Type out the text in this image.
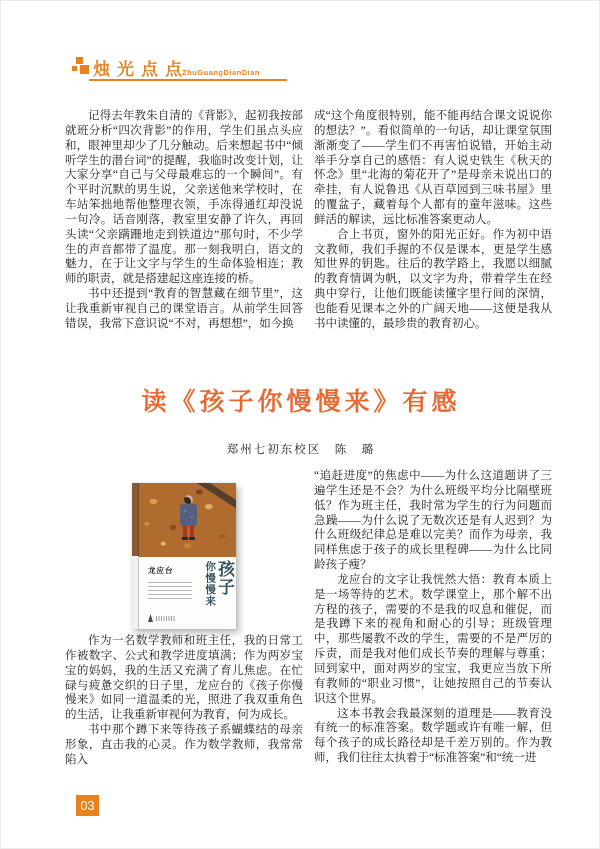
烛光点点
ZhuGuangDianDian

记得去年教朱自清的《背影》，起初我按部就班分析“四次背影”的作用，学生们虽点头应和，眼神里却少了几分触动。后来想起书中“倾听学生的潜台词”的提醒，我临时改变计划，让大家分享“自己与父母最难忘的一个瞬间”。有个平时沉默的男生说，父亲送他来学校时，在车站笨拙地帮他整理衣领，手冻得通红却没说一句冷。话音刚落，教室里安静了许久，再回头读“父亲蹒跚地走到铁道边”那句时，不少学生的声音都带了温度。那一刻我明白，语文的魅力，在于让文字与学生的生命体验相连；教师的职责，就是搭建起这座连接的桥。

书中还提到“教育的智慧藏在细节里”，这让我重新审视自己的课堂语言。从前学生回答错误，我常下意识说“不对，再想想”，如今换

成“这个角度很特别，能不能再结合课文说说你的想法？”。看似简单的一句话，却让课堂氛围渐渐变了——学生们不再害怕说错，开始主动举手分享自己的感悟：有人说史铁生《秋天的怀念》里“北海的菊花开了”是母亲未说出口的牵挂，有人说鲁迅《从百草园到三味书屋》里的覆盆子，藏着每个人都有的童年滋味。这些鲜活的解读，远比标准答案更动人。

合上书页，窗外的阳光正好。作为初中语文教师，我们手握的不仅是课本，更是学生感知世界的钥匙。往后的教学路上，我愿以细腻的教育情调为帆，以文字为舟，带着学生在经典中穿行，让他们既能读懂字里行间的深情，也能看见课本之外的广阔天地——这便是我从书中读懂的，最珍贵的教育初心。

读《孩子你慢慢来》有感
郑州七初东校区　陈　璐
龙应台 孩子
你慢慢来

作为一名数学教师和班主任，我的日常工作被数字、公式和教学进度填满；作为两岁宝宝的妈妈，我的生活又充满了育儿焦虑。在忙碌与疲惫交织的日子里，龙应台的《孩子你慢慢来》如同一道温柔的光，照进了我双重角色的生活，让我重新审视何为教育，何为成长。

书中那个蹲下来等待孩子系蝴蝶结的母亲形象，直击我的心灵。作为数学教师，我常常陷入

“追赶进度”的焦虑中——为什么这道题讲了三遍学生还是不会？为什么班级平均分比隔壁班低？作为班主任，我时常为学生的行为问题而急躁——为什么说了无数次还是有人迟到？为什么班级纪律总是难以完美？而作为母亲，我同样焦虑于孩子的成长里程碑——为什么比同龄孩子瘦？

龙应台的文字让我恍然大悟：教育本质上是一场等待的艺术。数学课堂上，那个解不出方程的孩子，需要的不是我的叹息和催促，而是我蹲下来的视角和耐心的引导；班级管理中，那些屡教不改的学生，需要的不是严厉的斥责，而是我对他们成长节奏的理解与尊重；回到家中，面对两岁的宝宝，我更应当放下所有教师的“职业习惯”，让她按照自己的节奏认识这个世界。

这本书教会我最深刻的道理是——教育没有统一的标准答案。数学题或许有唯一解，但每个孩子的成长路径却是千差万别的。作为教师，我们往往太执着于“标准答案”和“统一进

03
